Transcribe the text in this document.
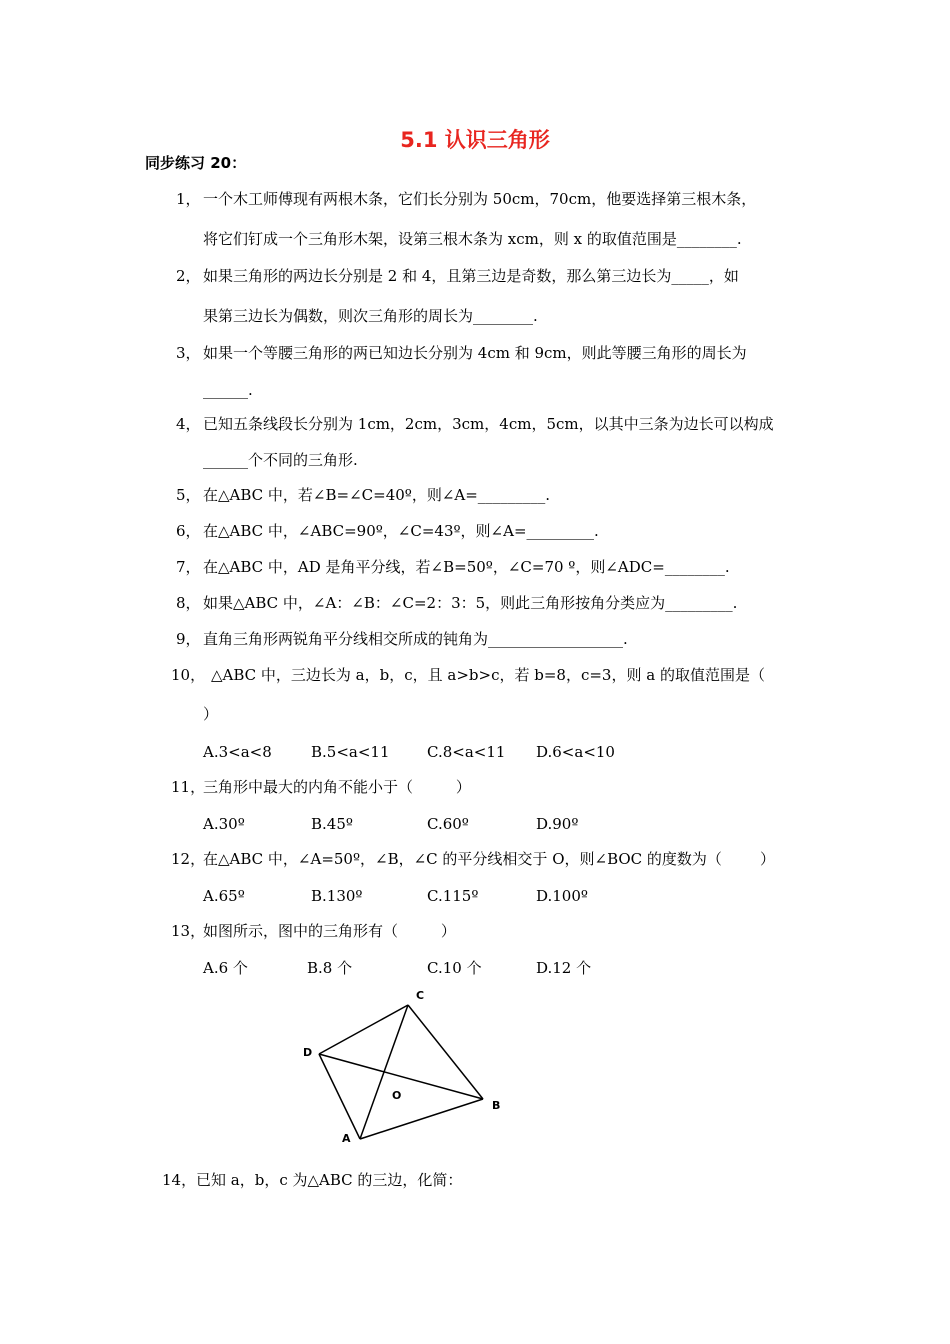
5.1 认识三角形
同步练习 20：
1， 一个木工师傅现有两根木条，它们长分别为 50cm，70cm，他要选择第三根木条，
将它们钉成一个三角形木架，设第三根木条为 xcm，则 x 的取值范围是________.
2， 如果三角形的两边长分别是 2 和 4，且第三边是奇数，那么第三边长为_____，如
果第三边长为偶数，则次三角形的周长为________.
3， 如果一个等腰三角形的两已知边长分别为 4cm 和 9cm，则此等腰三角形的周长为
______.
4， 已知五条线段长分别为 1cm，2cm，3cm，4cm，5cm，以其中三条为边长可以构成
______个不同的三角形.
5， 在△ABC 中，若∠B=∠C=40º，则∠A=_________.
6， 在△ABC 中，∠ABC=90º，∠C=43º，则∠A=_________.
7， 在△ABC 中，AD 是角平分线，若∠B=50º，∠C=70 º，则∠ADC=________.
8， 如果△ABC 中，∠A：∠B：∠C=2：3：5，则此三角形按角分类应为_________.
9， 直角三角形两锐角平分线相交所成的钝角为__________________.
10， △ABC 中，三边长为 a，b，c，且 a>b>c，若 b=8，c=3，则 a 的取值范围是（
）
A.3<a<8	B.5<a<11 C.8<a<11 D.6<a<10
11，
三角形中最大的内角不能小于（         ）
A.30º	B.45º	C.60º	D.90º
12，
在△ABC 中，∠A=50º，∠B，∠C 的平分线相交于 O，则∠BOC 的度数为（        ）
A.65º	B.130º	C.115º	D.100º
13，
如图所示，图中的三角形有（         ）
A.6 个	B.8 个	C.10 个	D.12 个
C
D
B
O
A
14， 已知 a，b，c 为△ABC 的三边，化简：
